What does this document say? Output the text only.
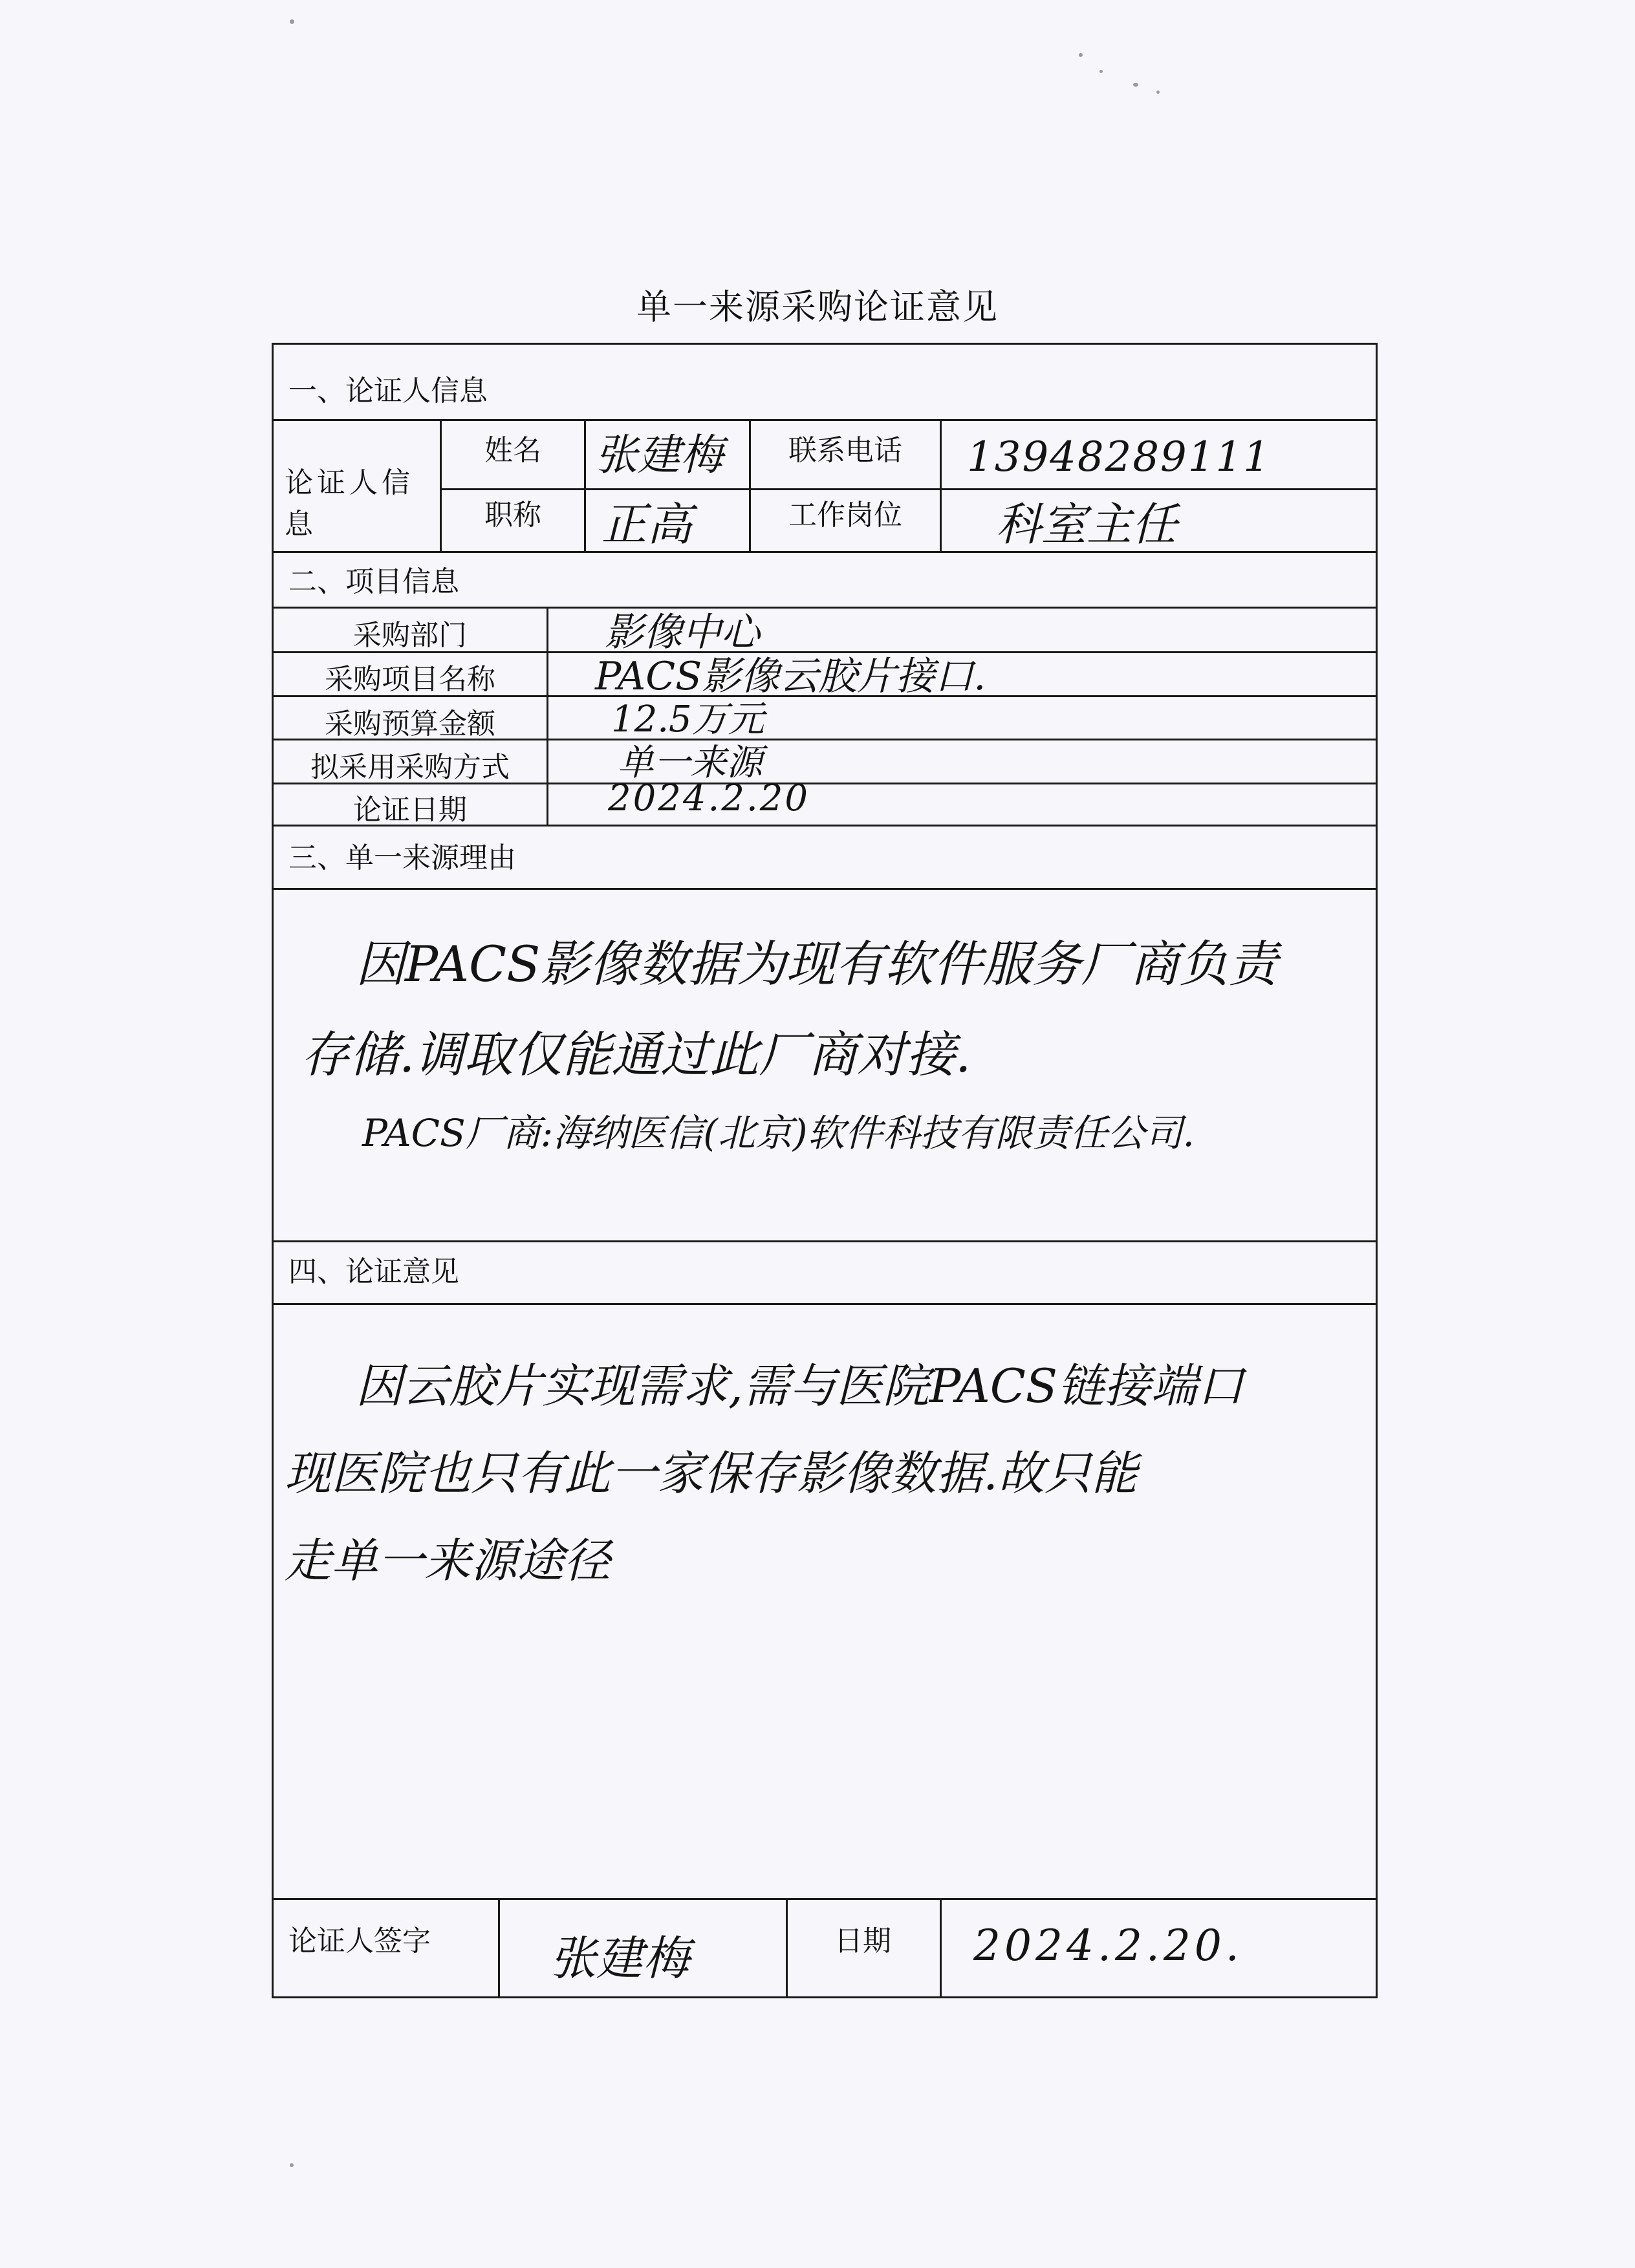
单一来源采购论证意见
一、论证人信息
二、项目信息
三、单一来源理由
四、论证意见
论证人信息
姓名
职称
联系电话
工作岗位
张建梅
正高
13948289111
科室主任
采购部门
采购项目名称
采购预算金额
拟采用采购方式
论证日期
影像中心
PACS影像云胶片接口.
12.5万元
单一来源
2024.2.20
因PACS影像数据为现有软件服务厂商负责
存储.调取仅能通过此厂商对接.
PACS厂商:海纳医信(北京)软件科技有限责任公司.
因云胶片实现需求,需与医院PACS链接端口
现医院也只有此一家保存影像数据.故只能
走单一来源途径
论证人签字	日期
张建梅	2024.2.20.
